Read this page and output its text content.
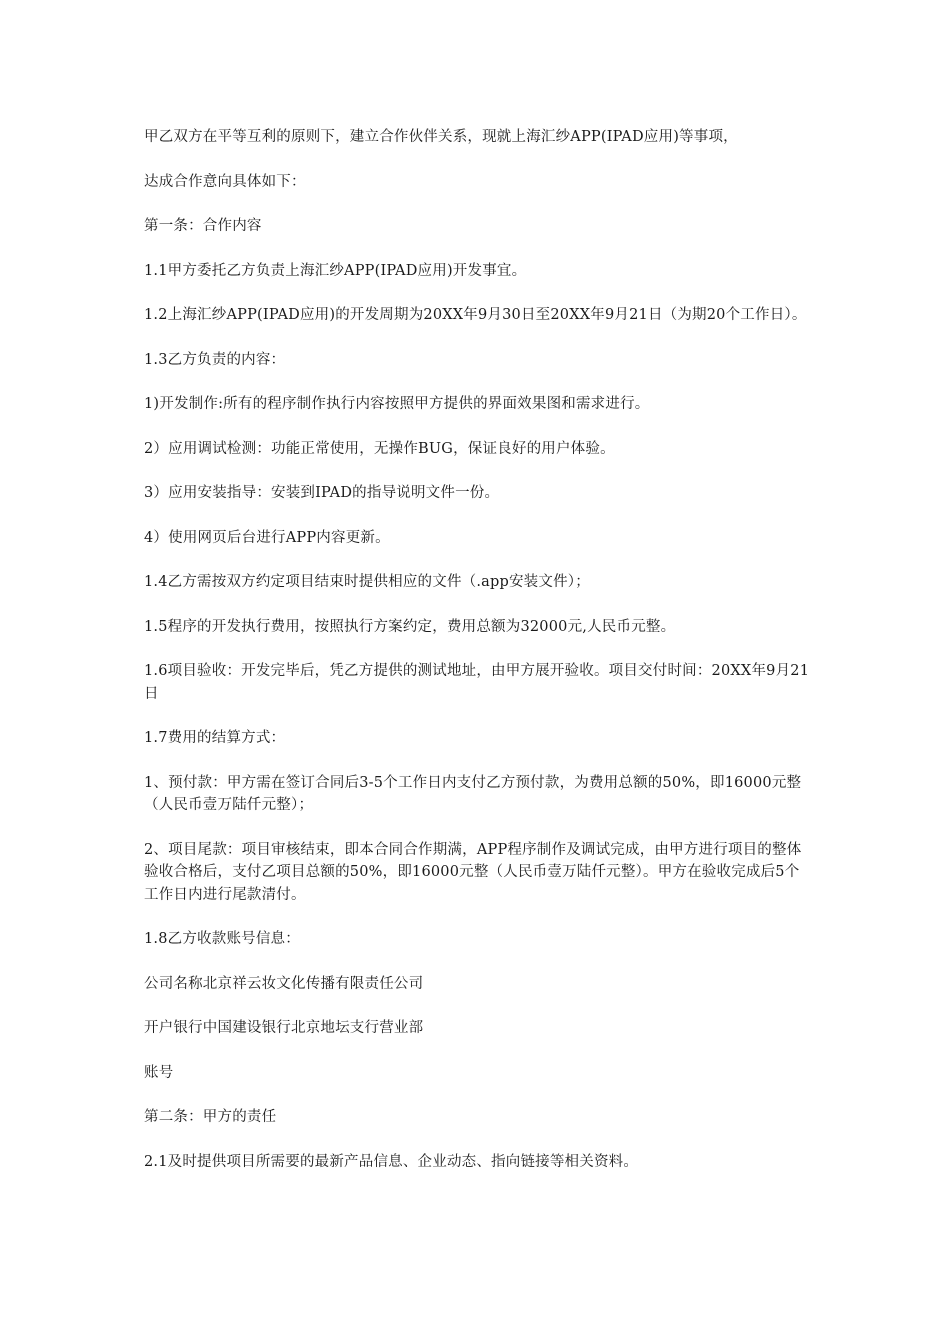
甲乙双方在平等互利的原则下，建立合作伙伴关系，现就上海汇纱APP(IPAD应用)等事项，

达成合作意向具体如下：

第一条：合作内容

1.1甲方委托乙方负责上海汇纱APP(IPAD应用)开发事宜。

1.2上海汇纱APP(IPAD应用)的开发周期为20XX年9月30日至20XX年9月21日（为期20个工作日）。

1.3乙方负责的内容：

1)开发制作:所有的程序制作执行内容按照甲方提供的界面效果图和需求进行。

2）应用调试检测：功能正常使用，无操作BUG，保证良好的用户体验。

3）应用安装指导：安装到IPAD的指导说明文件一份。

4）使用网页后台进行APP内容更新。

1.4乙方需按双方约定项目结束时提供相应的文件（.app安装文件）；

1.5程序的开发执行费用，按照执行方案约定，费用总额为32000元,人民币元整。

1.6项目验收：开发完毕后，凭乙方提供的测试地址，由甲方展开验收。项目交付时间：20XX年9月21日

1.7费用的结算方式：

1、预付款：甲方需在签订合同后3-5个工作日内支付乙方预付款，为费用总额的50%，即16000元整（人民币壹万陆仟元整）；

2、项目尾款：项目审核结束，即本合同合作期满，APP程序制作及调试完成，由甲方进行项目的整体验收合格后，支付乙项目总额的50%，即16000元整（人民币壹万陆仟元整）。甲方在验收完成后5个工作日内进行尾款清付。

1.8乙方收款账号信息：

公司名称北京祥云妆文化传播有限责任公司

开户银行中国建设银行北京地坛支行营业部

账号

第二条：甲方的责任

2.1及时提供项目所需要的最新产品信息、企业动态、指向链接等相关资料。
